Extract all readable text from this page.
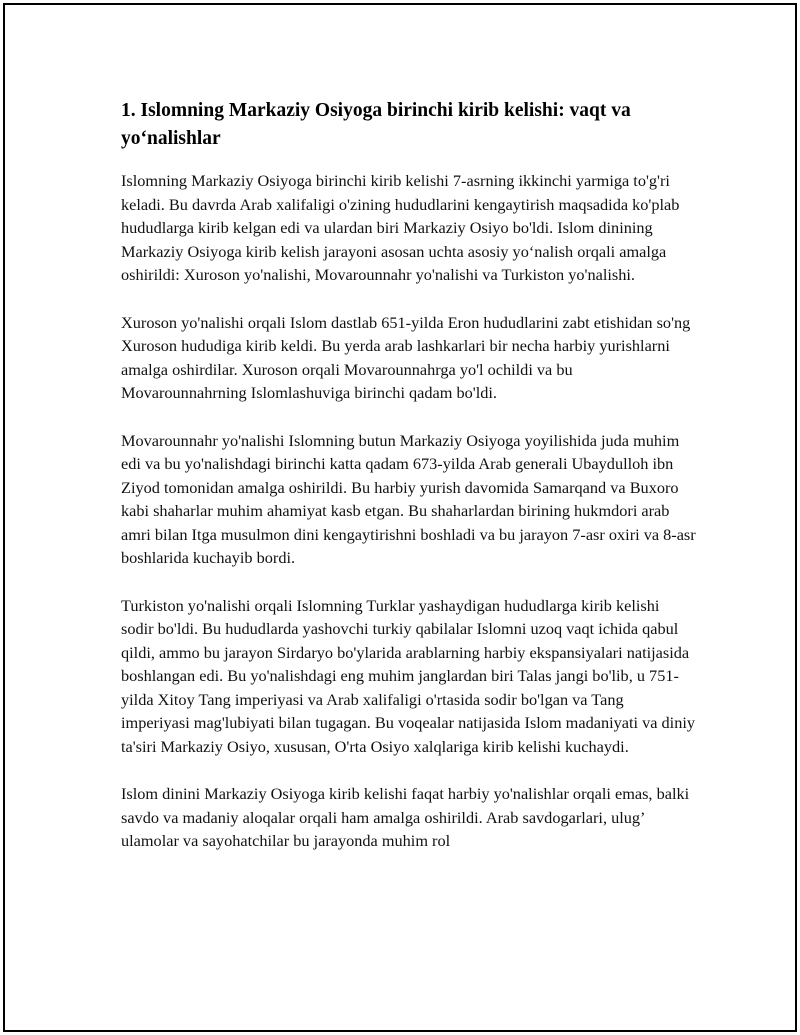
1. Islomning Markaziy Osiyoga birinchi kirib kelishi: vaqt va yo‘nalishlar

Islomning Markaziy Osiyoga birinchi kirib kelishi 7-asrning ikkinchi yarmiga to'g'ri keladi. Bu davrda Arab xalifaligi o'zining hududlarini kengaytirish maqsadida ko'plab hududlarga kirib kelgan edi va ulardan biri Markaziy Osiyo bo'ldi. Islom dinining Markaziy Osiyoga kirib kelish jarayoni asosan uchta asosiy yo‘nalish orqali amalga oshirildi: Xuroson yo'nalishi, Movarounnahr yo'nalishi va Turkiston yo'nalishi.

Xuroson yo'nalishi orqali Islom dastlab 651-yilda Eron hududlarini zabt etishidan so'ng Xuroson hududiga kirib keldi. Bu yerda arab lashkarlari bir necha harbiy yurishlarni amalga oshirdilar. Xuroson orqali Movarounnahrga yo'l ochildi va bu Movarounnahrning Islomlashuviga birinchi qadam bo'ldi.

Movarounnahr yo'nalishi Islomning butun Markaziy Osiyoga yoyilishida juda muhim edi va bu yo'nalishdagi birinchi katta qadam 673-yilda Arab generali Ubaydulloh ibn Ziyod tomonidan amalga oshirildi. Bu harbiy yurish davomida Samarqand va Buxoro kabi shaharlar muhim ahamiyat kasb etgan. Bu shaharlardan birining hukmdori arab amri bilan Itga musulmon dini kengaytirishni boshladi va bu jarayon 7-asr oxiri va 8-asr boshlarida kuchayib bordi.

Turkiston yo'nalishi orqali Islomning Turklar yashaydigan hududlarga kirib kelishi sodir bo'ldi. Bu hududlarda yashovchi turkiy qabilalar Islomni uzoq vaqt ichida qabul qildi, ammo bu jarayon Sirdaryo bo'ylarida arablarning harbiy ekspansiyalari natijasida boshlangan edi. Bu yo'nalishdagi eng muhim janglardan biri Talas jangi bo'lib, u 751-yilda Xitoy Tang imperiyasi va Arab xalifaligi o'rtasida sodir bo'lgan va Tang imperiyasi mag'lubiyati bilan tugagan. Bu voqealar natijasida Islom madaniyati va diniy ta'siri Markaziy Osiyo, xususan, O'rta Osiyo xalqlariga kirib kelishi kuchaydi.

Islom dinini Markaziy Osiyoga kirib kelishi faqat harbiy yo'nalishlar orqali emas, balki savdo va madaniy aloqalar orqali ham amalga oshirildi. Arab savdogarlari, ulug’ ulamolar va sayohatchilar bu jarayonda muhim rol
